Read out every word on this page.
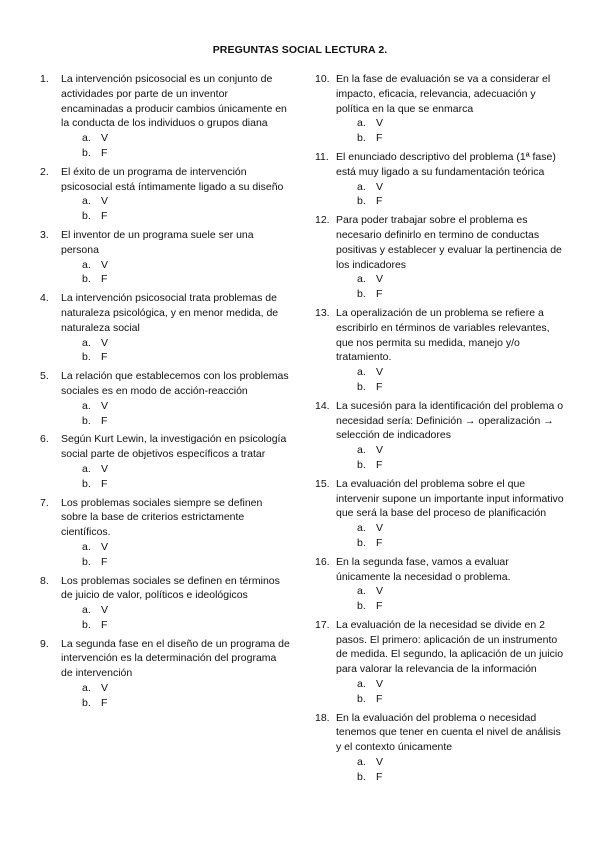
PREGUNTAS SOCIAL LECTURA 2.
1. La intervención psicosocial es un conjunto de actividades por parte de un inventor encaminadas a producir cambios únicamente en la conducta de los individuos o grupos diana
a. V
b. F
2. El éxito de un programa de intervención psicosocial está íntimamente ligado a su diseño
a. V
b. F
3. El inventor de un programa suele ser una persona
a. V
b. F
4. La intervención psicosocial trata problemas de naturaleza psicológica, y en menor medida, de naturaleza social
a. V
b. F
5. La relación que establecemos con los problemas sociales es en modo de acción-reacción
a. V
b. F
6. Según Kurt Lewin, la investigación en psicología social parte de objetivos específicos a tratar
a. V
b. F
7. Los problemas sociales siempre se definen sobre la base de criterios estrictamente científicos.
a. V
b. F
8. Los problemas sociales se definen en términos de juicio de valor, políticos e ideológicos
a. V
b. F
9. La segunda fase en el diseño de un programa de intervención es la determinación del programa de intervención
a. V
b. F
10. En la fase de evaluación se va a considerar el impacto, eficacia, relevancia, adecuación y política en la que se enmarca
a. V
b. F
11. El enunciado descriptivo del problema (1ª fase) está muy ligado a su fundamentación teórica
a. V
b. F
12. Para poder trabajar sobre el problema es necesario definirlo en termino de conductas positivas y establecer y evaluar la pertinencia de los indicadores
a. V
b. F
13. La operalización de un problema se refiere a escribirlo en términos de variables relevantes, que nos permita su medida, manejo y/o tratamiento.
a. V
b. F
14. La sucesión para la identificación del problema o necesidad sería: Definición → operalización → selección de indicadores
a. V
b. F
15. La evaluación del problema sobre el que intervenir supone un importante input informativo que será la base del proceso de planificación
a. V
b. F
16. En la segunda fase, vamos a evaluar únicamente la necesidad o problema.
a. V
b. F
17. La evaluación de la necesidad se divide en 2 pasos. El primero: aplicación de un instrumento de medida. El segundo, la aplicación de un juicio para valorar la relevancia de la información
a. V
b. F
18. En la evaluación del problema o necesidad tenemos que tener en cuenta el nivel de análisis y el contexto únicamente
a. V
b. F
